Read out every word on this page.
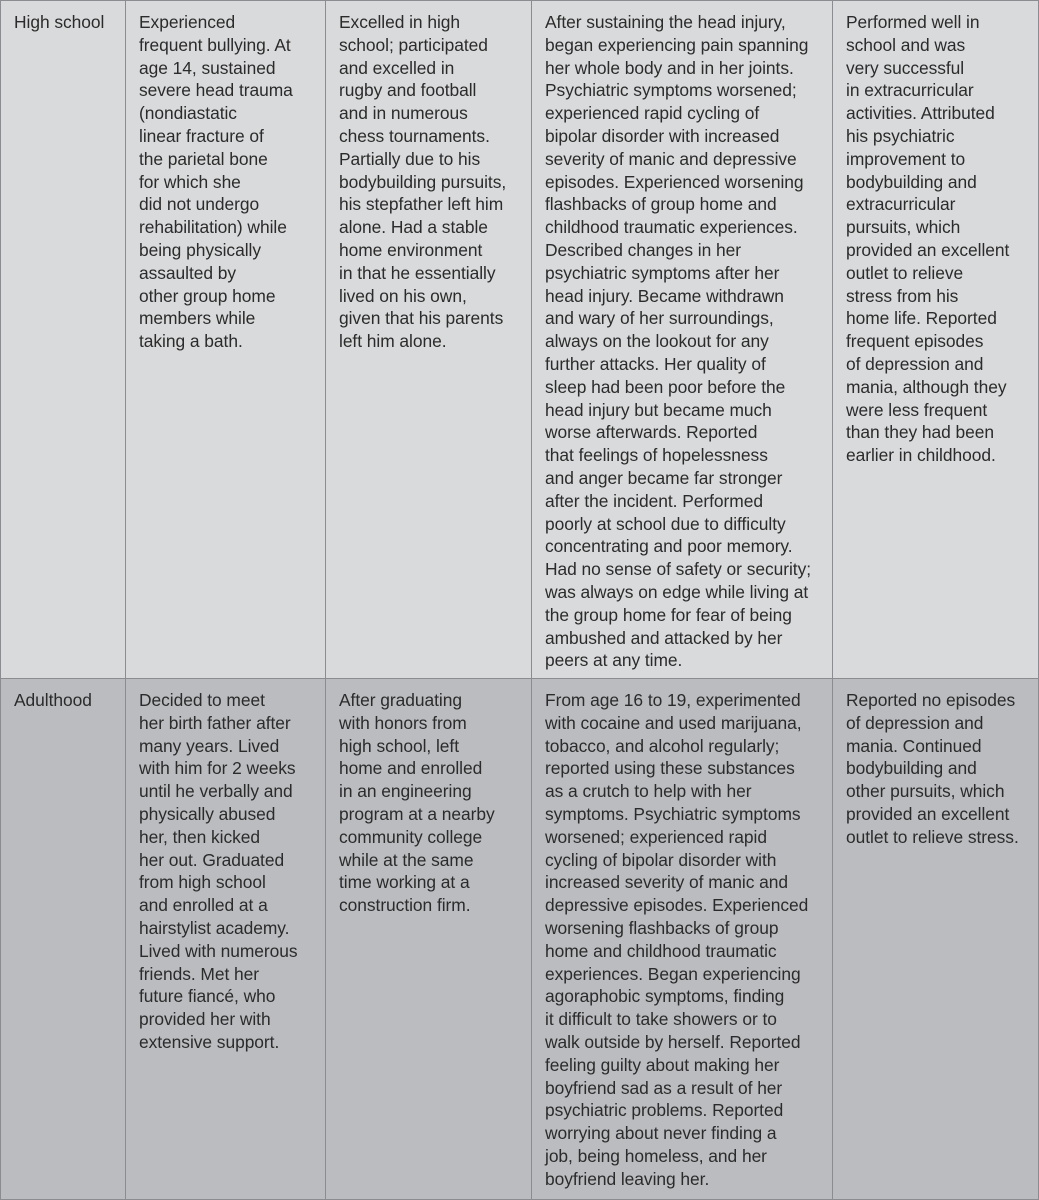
High school	Experienced
frequent bullying. At
age 14, sustained
severe head trauma
(nondiastatic
linear fracture of
the parietal bone
for which she
did not undergo
rehabilitation) while
being physically
assaulted by
other group home
members while
taking a bath.
Excelled in high
school; participated
and excelled in
rugby and football
and in numerous
chess tournaments.
Partially due to his
bodybuilding pursuits,
his stepfather left him
alone. Had a stable
home environment
in that he essentially
lived on his own,
given that his parents
left him alone.
After sustaining the head injury,
began experiencing pain spanning
her whole body and in her joints.
Psychiatric symptoms worsened;
experienced rapid cycling of
bipolar disorder with increased
severity of manic and depressive
episodes. Experienced worsening
flashbacks of group home and
childhood traumatic experiences.
Described changes in her
psychiatric symptoms after her
head injury. Became withdrawn
and wary of her surroundings,
always on the lookout for any
further attacks. Her quality of
sleep had been poor before the
head injury but became much
worse afterwards. Reported
that feelings of hopelessness
and anger became far stronger
after the incident. Performed
poorly at school due to difficulty
concentrating and poor memory.
Had no sense of safety or security;
was always on edge while living at
the group home for fear of being
ambushed and attacked by her
peers at any time.
Performed well in
school and was
very successful
in extracurricular
activities. Attributed
his psychiatric
improvement to
bodybuilding and
extracurricular
pursuits, which
provided an excellent
outlet to relieve
stress from his
home life. Reported
frequent episodes
of depression and
mania, although they
were less frequent
than they had been
earlier in childhood.
Adulthood	Decided to meet
her birth father after
many years. Lived
with him for 2 weeks
until he verbally and
physically abused
her, then kicked
her out. Graduated
from high school
and enrolled at a
hairstylist academy.
Lived with numerous
friends. Met her
future fiancé, who
provided her with
extensive support.
After graduating
with honors from
high school, left
home and enrolled
in an engineering
program at a nearby
community college
while at the same
time working at a
construction firm.
From age 16 to 19, experimented
with cocaine and used marijuana,
tobacco, and alcohol regularly;
reported using these substances
as a crutch to help with her
symptoms. Psychiatric symptoms
worsened; experienced rapid
cycling of bipolar disorder with
increased severity of manic and
depressive episodes. Experienced
worsening flashbacks of group
home and childhood traumatic
experiences. Began experiencing
agoraphobic symptoms, finding
it difficult to take showers or to
walk outside by herself. Reported
feeling guilty about making her
boyfriend sad as a result of her
psychiatric problems. Reported
worrying about never finding a
job, being homeless, and her
boyfriend leaving her.
Reported no episodes
of depression and
mania. Continued
bodybuilding and
other pursuits, which
provided an excellent
outlet to relieve stress.
